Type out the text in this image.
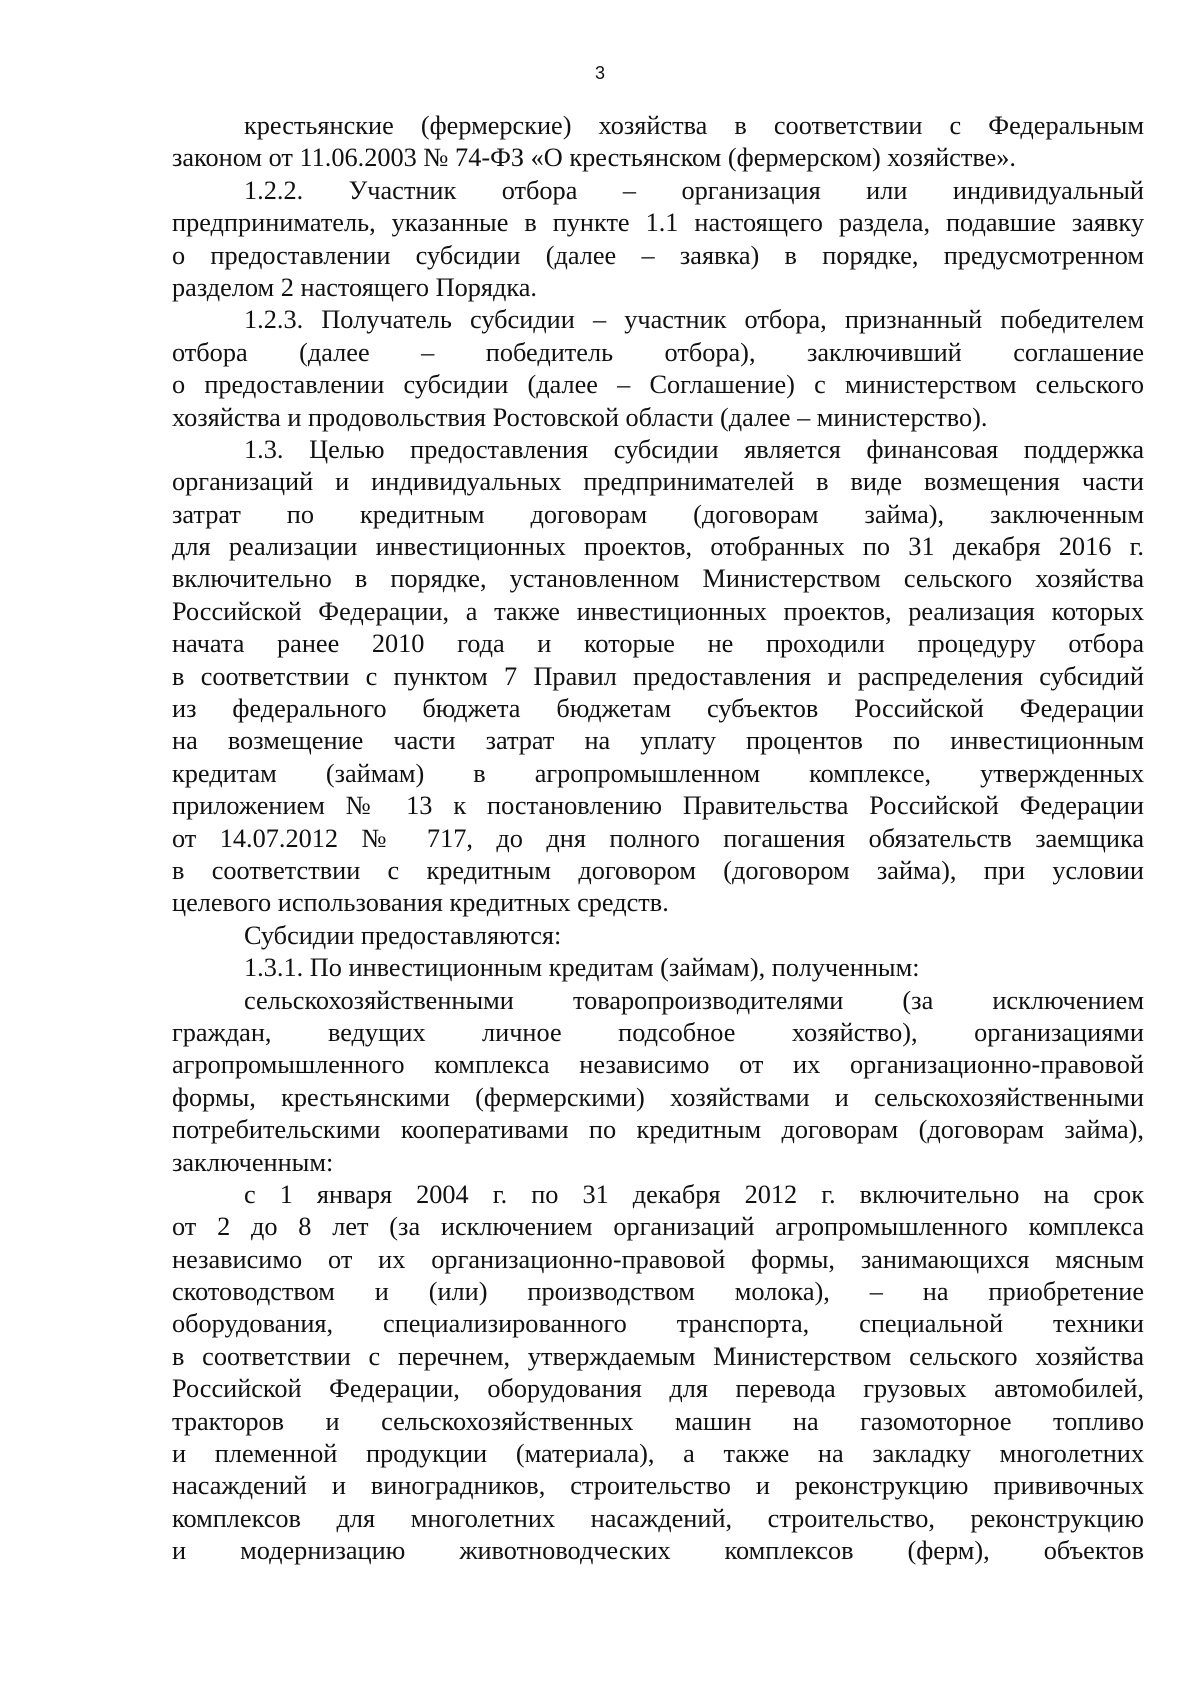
3
крестьянские (фермерские) хозяйства в соответствии с Федеральным
законом от 11.06.2003 № 74-ФЗ «О крестьянском (фермерском) хозяйстве».
1.2.2. Участник отбора – организация или индивидуальный
предприниматель, указанные в пункте 1.1 настоящего раздела, подавшие заявку
о предоставлении субсидии (далее – заявка) в порядке, предусмотренном
разделом 2 настоящего Порядка.
1.2.3. Получатель субсидии – участник отбора, признанный победителем
отбора (далее – победитель отбора), заключивший соглашение
о предоставлении субсидии (далее – Соглашение) с министерством сельского
хозяйства и продовольствия Ростовской области (далее – министерство).
1.3. Целью предоставления субсидии является финансовая поддержка
организаций и индивидуальных предпринимателей в виде возмещения части
затрат по кредитным договорам (договорам займа), заключенным
для реализации инвестиционных проектов, отобранных по 31 декабря 2016 г.
включительно в порядке, установленном Министерством сельского хозяйства
Российской Федерации, а также инвестиционных проектов, реализация которых
начата ранее 2010 года и которые не проходили процедуру отбора
в соответствии с пунктом 7 Правил предоставления и распределения субсидий
из федерального бюджета бюджетам субъектов Российской Федерации
на возмещение части затрат на уплату процентов по инвестиционным
кредитам (займам) в агропромышленном комплексе, утвержденных
приложением № 13 к постановлению Правительства Российской Федерации
от 14.07.2012 № 717, до дня полного погашения обязательств заемщика
в соответствии с кредитным договором (договором займа), при условии
целевого использования кредитных средств.
Субсидии предоставляются:
1.3.1. По инвестиционным кредитам (займам), полученным:
сельскохозяйственными товаропроизводителями (за исключением
граждан, ведущих личное подсобное хозяйство), организациями
агропромышленного комплекса независимо от их организационно-правовой
формы, крестьянскими (фермерскими) хозяйствами и сельскохозяйственными
потребительскими кооперативами по кредитным договорам (договорам займа),
заключенным:
с 1 января 2004 г. по 31 декабря 2012 г. включительно на срок
от 2 до 8 лет (за исключением организаций агропромышленного комплекса
независимо от их организационно-правовой формы, занимающихся мясным
скотоводством и (или) производством молока), – на приобретение
оборудования, специализированного транспорта, специальной техники
в соответствии с перечнем, утверждаемым Министерством сельского хозяйства
Российской Федерации, оборудования для перевода грузовых автомобилей,
тракторов и сельскохозяйственных машин на газомоторное топливо
и племенной продукции (материала), а также на закладку многолетних
насаждений и виноградников, строительство и реконструкцию прививочных
комплексов для многолетних насаждений, строительство, реконструкцию
и модернизацию животноводческих комплексов (ферм), объектов
